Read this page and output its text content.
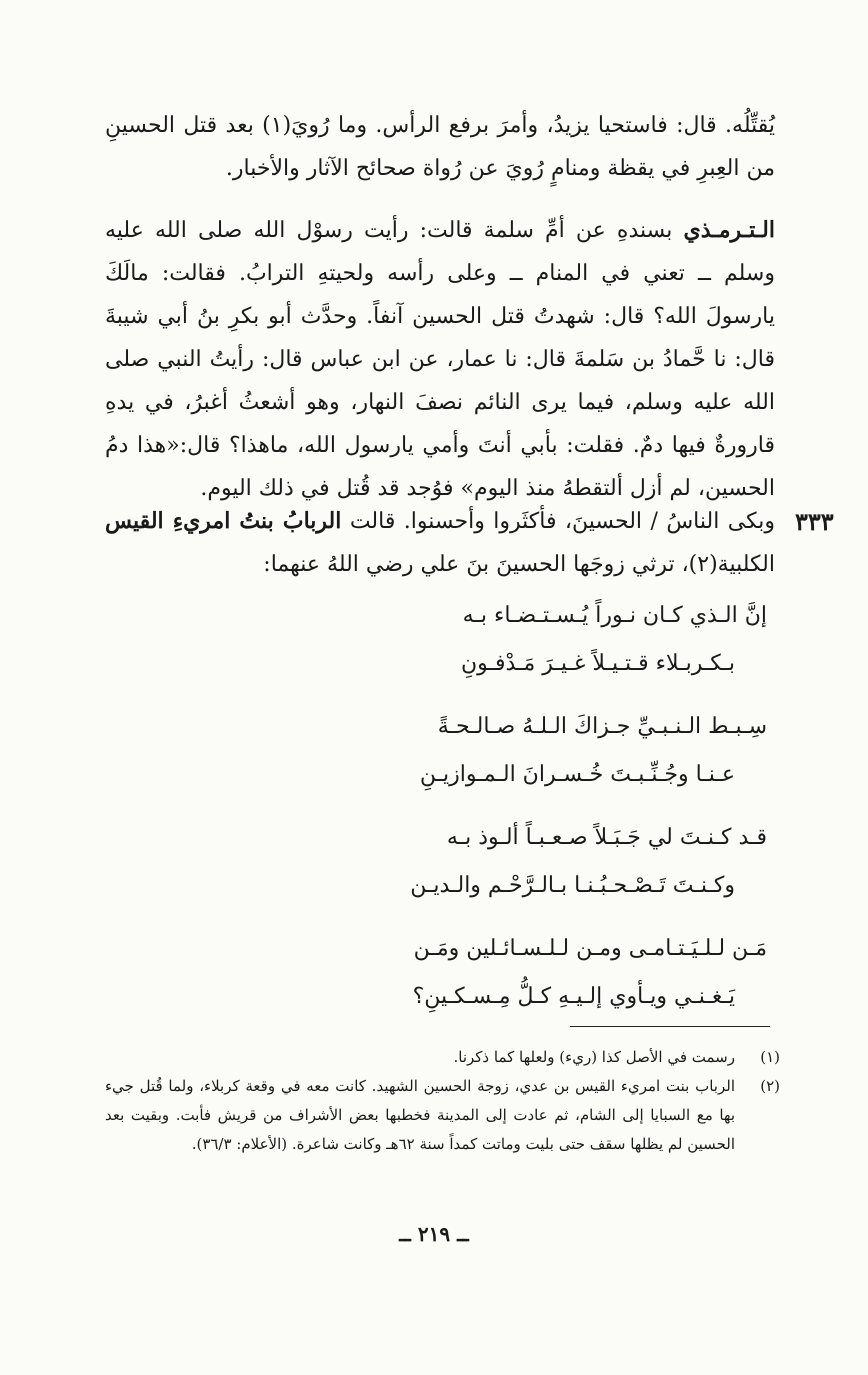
يُقتِّلُه. قال: فاستحيا يزيدُ، وأمرَ برفع الرأس. وما رُويَ(١) بعد قتل الحسينِ من العِبرِ في يقظة ومنامٍ رُويَ عن رُواة صحائح الآثار والأخبار.
الـتـرمـذي بسندهِ عن أمِّ سلمة قالت: رأيت رسوْل الله صلى الله عليه وسلم ــ تعني في المنام ــ وعلى رأسه ولحيتهِ الترابُ. فقالت: مالَكَ يارسولَ الله؟ قال: شهدتُ قتل الحسين آنفاً. وحدَّث أبو بكرِ بنُ أبي شيبةَ قال: نا حَّمادُ بن سَلمةَ قال: نا عمار، عن ابن عباس قال: رأيتُ النبي صلى الله عليه وسلم، فيما يرى النائم نصفَ النهار، وهو أشعثُ أغبرُ، في يدهِ قارورةٌ فيها دمٌ. فقلت: بأبي أنتَ وأمي يارسول الله، ماهذا؟ قال:«هذا دمُ الحسين، لم أزل ألتقطهُ منذ اليوم» فوُجد قد قُتل في ذلك اليوم.
٣٣٣
وبكى الناسُ / الحسينَ، فأكثَروا وأحسنوا. قالت الربابُ بنتُ امريءِ القيس الكلبية(٢)، ترثي زوجَها الحسينَ بنَ علي رضي اللهُ عنهما:
إنَّ الـذي كـان نـوراً يُـسـتـضـاء بـه
بـكـربـلاء قـتـيـلاً غـيـرَ مَـدْفـونِ
سِـبـط الـنـبـيِّ جـزاكَ الـلـهُ صـالـحـةً
عـنـا وجُـنِّـبـتَ خُـسـرانَ الـمـوازيـنِ
قـد كـنـتَ لي جَـبَـلاً صـعـبـاً ألـوذ بـه
وكـنـتَ تَـصْـحـبُـنـا بـالـرَّحْـم والـديـن
مَـن لـلـيَـتـامـى ومـن لـلـسـائـلين ومَـن
يَـغـنـي ويـأوي إلـيـهِ كـلُّ مِـسـكـينِ؟
(١)
رسمت في الأصل كذا (ريء) ولعلها كما ذكرنا.
(٢)
الرباب بنت امريء القيس بن عدي، زوجة الحسين الشهيد. كانت معه في وقعة كربلاء، ولما قُتل جيء بها مع السبايا إلى الشام، ثم عادت إلى المدينة فخطبها بعض الأشراف من قريش فأبت. وبقيت بعد الحسين لم يظلها سقف حتى بليت وماتت كمداً سنة ٦٢هـ وكانت شاعرة. (الأعلام: ٣٦/٣).
ــ ٢١٩ ــ
